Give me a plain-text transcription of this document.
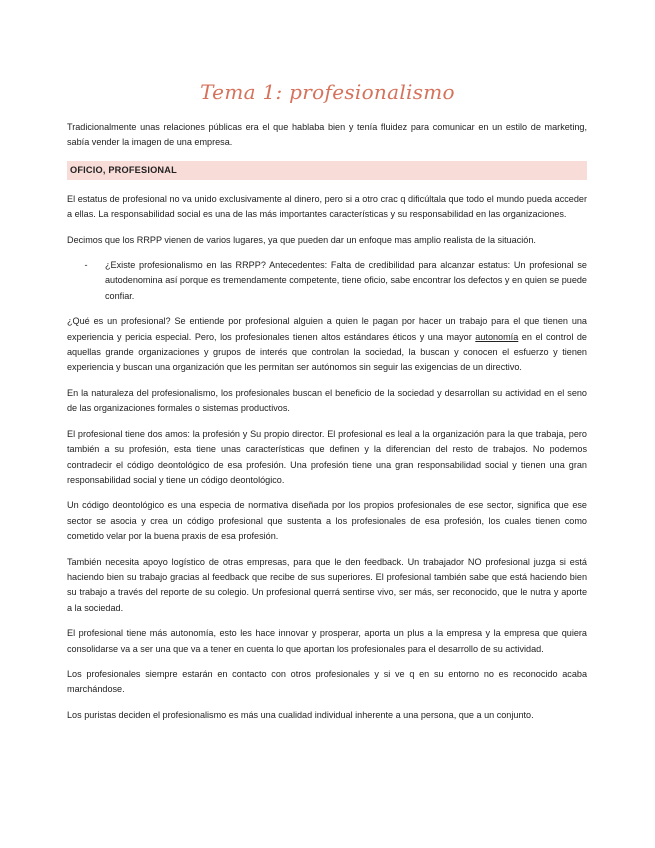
Tema 1: profesionalismo

Tradicionalmente unas relaciones públicas era el que hablaba bien y tenía fluidez para comunicar en un estilo de marketing, sabía vender la imagen de una empresa.

OFICIO, PROFESIONAL

El estatus de profesional no va unido exclusivamente al dinero, pero si a otro crac q dificúltala que todo el mundo pueda acceder a ellas. La responsabilidad social es una de las más importantes características y su responsabilidad en las organizaciones.

Decimos que los RRPP vienen de varios lugares, ya que pueden dar un enfoque mas amplio realista de la situación.

-	¿Existe profesionalismo en las RRPP? Antecedentes: Falta de credibilidad para alcanzar estatus: Un profesional se autodenomina así porque es tremendamente competente, tiene oficio, sabe encontrar los defectos y en quien se puede confiar.

¿Qué es un profesional? Se entiende por profesional alguien a quien le pagan por hacer un trabajo para el que tienen una experiencia y pericia especial. Pero, los profesionales tienen altos estándares éticos y una mayor autonomía en el control de aquellas grande organizaciones y grupos de interés que controlan la sociedad, la buscan y conocen el esfuerzo y tienen experiencia y buscan una organización que les permitan ser autónomos sin seguir las exigencias de un directivo.

En la naturaleza del profesionalismo, los profesionales buscan el beneficio de la sociedad y desarrollan su actividad en el seno de las organizaciones formales o sistemas productivos.

El profesional tiene dos amos: la profesión y Su propio director. El profesional es leal a la organización para la que trabaja, pero también a su profesión, esta tiene unas características que definen y la diferencian del resto de trabajos. No podemos contradecir el código deontológico de esa profesión. Una profesión tiene una gran responsabilidad social y tienen una gran responsabilidad social y tiene un código deontológico.

Un código deontológico es una especia de normativa diseñada por los propios profesionales de ese sector, significa que ese sector se asocia y crea un código profesional que sustenta a los profesionales de esa profesión, los cuales tienen como cometido velar por la buena praxis de esa profesión.

También necesita apoyo logístico de otras empresas, para que le den feedback. Un trabajador NO profesional juzga si está haciendo bien su trabajo gracias al feedback que recibe de sus superiores. El profesional también sabe que está haciendo bien su trabajo a través del reporte de su colegio. Un profesional querrá sentirse vivo, ser más, ser reconocido, que le nutra y aporte a la sociedad.

El profesional tiene más autonomía, esto les hace innovar y prosperar, aporta un plus a la empresa y la empresa que quiera consolidarse va a ser una que va a tener en cuenta lo que aportan los profesionales para el desarrollo de su actividad.

Los profesionales siempre estarán en contacto con otros profesionales y si ve q en su entorno no es reconocido acaba marchándose.

Los puristas deciden el profesionalismo es más una cualidad individual inherente a una persona, que a un conjunto.
